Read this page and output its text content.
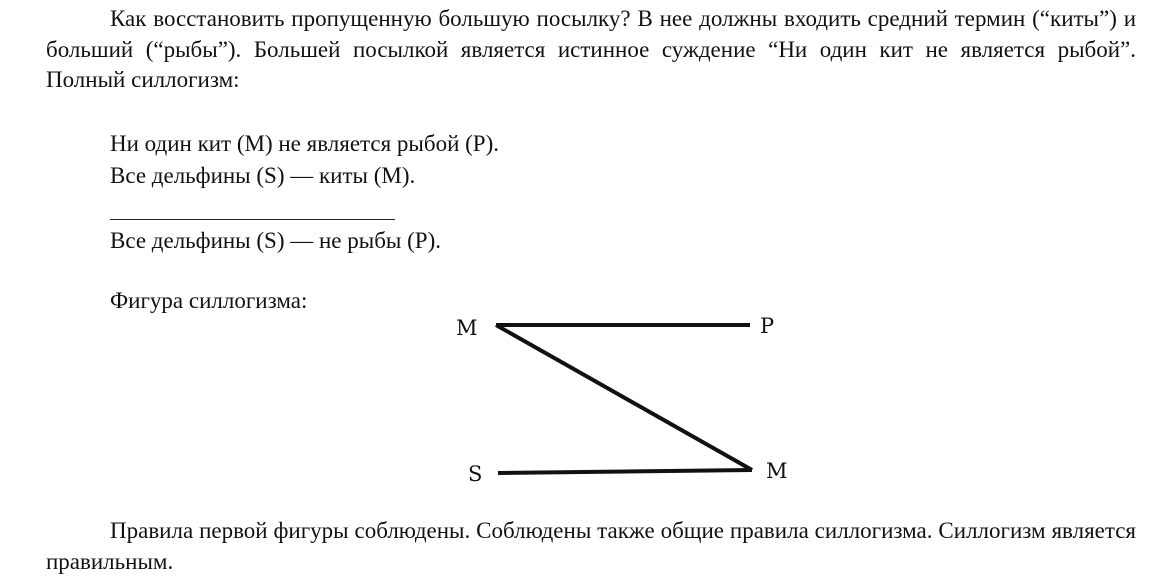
Как восстановить пропущенную большую посылку? В нее должны входить средний термин (“киты”) и больший (“рыбы”). Большей посылкой является истинное суждение “Ни один кит не является рыбой”. Полный силлогизм:

Ни один кит (М) не является рыбой (Р).

Все дельфины (S) — киты (М).

Все дельфины (S) — не рыбы (Р).

Фигура силлогизма:

М	Р
S	М

Правила первой фигуры соблюдены. Соблюдены также общие правила силлогизма. Силлогизм является правильным.
